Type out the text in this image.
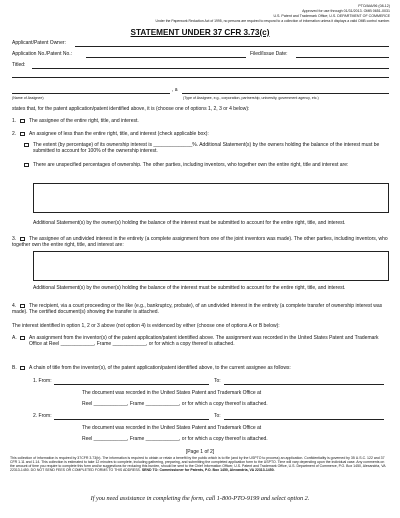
PTO/AIA/96 (08-12)
Approved for use through 01/31/2013. OMB 0651-0031
U.S. Patent and Trademark Office; U.S. DEPARTMENT OF COMMERCE
Under the Paperwork Reduction Act of 1995, no persons are required to respond to a collection of information unless it displays a valid OMB control number.
STATEMENT UNDER 37 CFR 3.73(c)
Applicant/Patent Owner:
Application No./Patent No.:	Filed/Issue Date:
Titled:
, a
(Name of Assignee)	(Type of Assignee, e.g., corporation, partnership, university, government agency, etc.)
states that, for the patent application/patent identified above, it is (choose one of options 1, 2, 3 or 4 below):
1.	The assignee of the entire right, title, and interest.
2.	An assignee of less than the entire right, title, and interest (check applicable box):
The extent (by percentage) of its ownership interest is ______________%. Additional Statement(s) by the owners holding the balance of the interest must be submitted to account for 100% of the ownership interest.
There are unspecified percentages of ownership. The other parties, including inventors, who together own the entire right, title and interest are:
Additional Statement(s) by the owner(s) holding the balance of the interest must be submitted to account for the entire right, title, and interest.
3.	The assignee of an undivided interest in the entirety (a complete assignment from one of the joint inventors was made). The other parties, including inventors, who together own the entire right, title, and interest are:
Additional Statement(s) by the owner(s) holding the balance of the interest must be submitted to account for the entire right, title, and interest.
4.	The recipient, via a court proceeding or the like (e.g., bankruptcy, probate), of an undivided interest in the entirety (a complete transfer of ownership interest was made). The certified document(s) showing the transfer is attached.
The interest identified in option 1, 2 or 3 above (not option 4) is evidenced by either (choose one of options A or B below):
A. An assignment from the inventor(s) of the patent application/patent identified above. The assignment was recorded in the United States Patent and Trademark Office at Reel ____________, Frame ____________, or for which a copy thereof is attached.
B. A chain of title from the inventor(s), of the patent application/patent identified above, to the current assignee as follows:
1. From:	To:
The document was recorded in the United States Patent and Trademark Office at
Reel ____________, Frame ____________, or for which a copy thereof is attached.
2. From:	To:
The document was recorded in the United States Patent and Trademark Office at
Reel ____________, Frame ____________, or for which a copy thereof is attached.
[Page 1 of 2]
This collection of information is required by 37CFR 3.73(b). The information is required to obtain or retain a benefit by the public which is to file (and by the USPTO to process) an application. Confidentiality is governed by 35 U.S.C. 122 and 37 CFR 1.11 and 1.14. This collection is estimated to take 12 minutes to complete, including gathering, preparing, and submitting the completed application form to the USPTO. Time will vary depending upon the individual case. Any comments on the amount of time you require to complete this form and/or suggestions for reducing this burden, should be sent to the Chief Information Officer, U.S. Patent and Trademark Office, U.S. Department of Commerce, P.O. Box 1450, Alexandria, VA 22313-1450. DO NOT SEND FEES OR COMPLETED FORMS TO THIS ADDRESS. SEND TO: Commissioner for Patents, P.O. Box 1450, Alexandria, VA 22313-1450.
If you need assistance in completing the form, call 1-800-PTO-9199 and select option 2.
